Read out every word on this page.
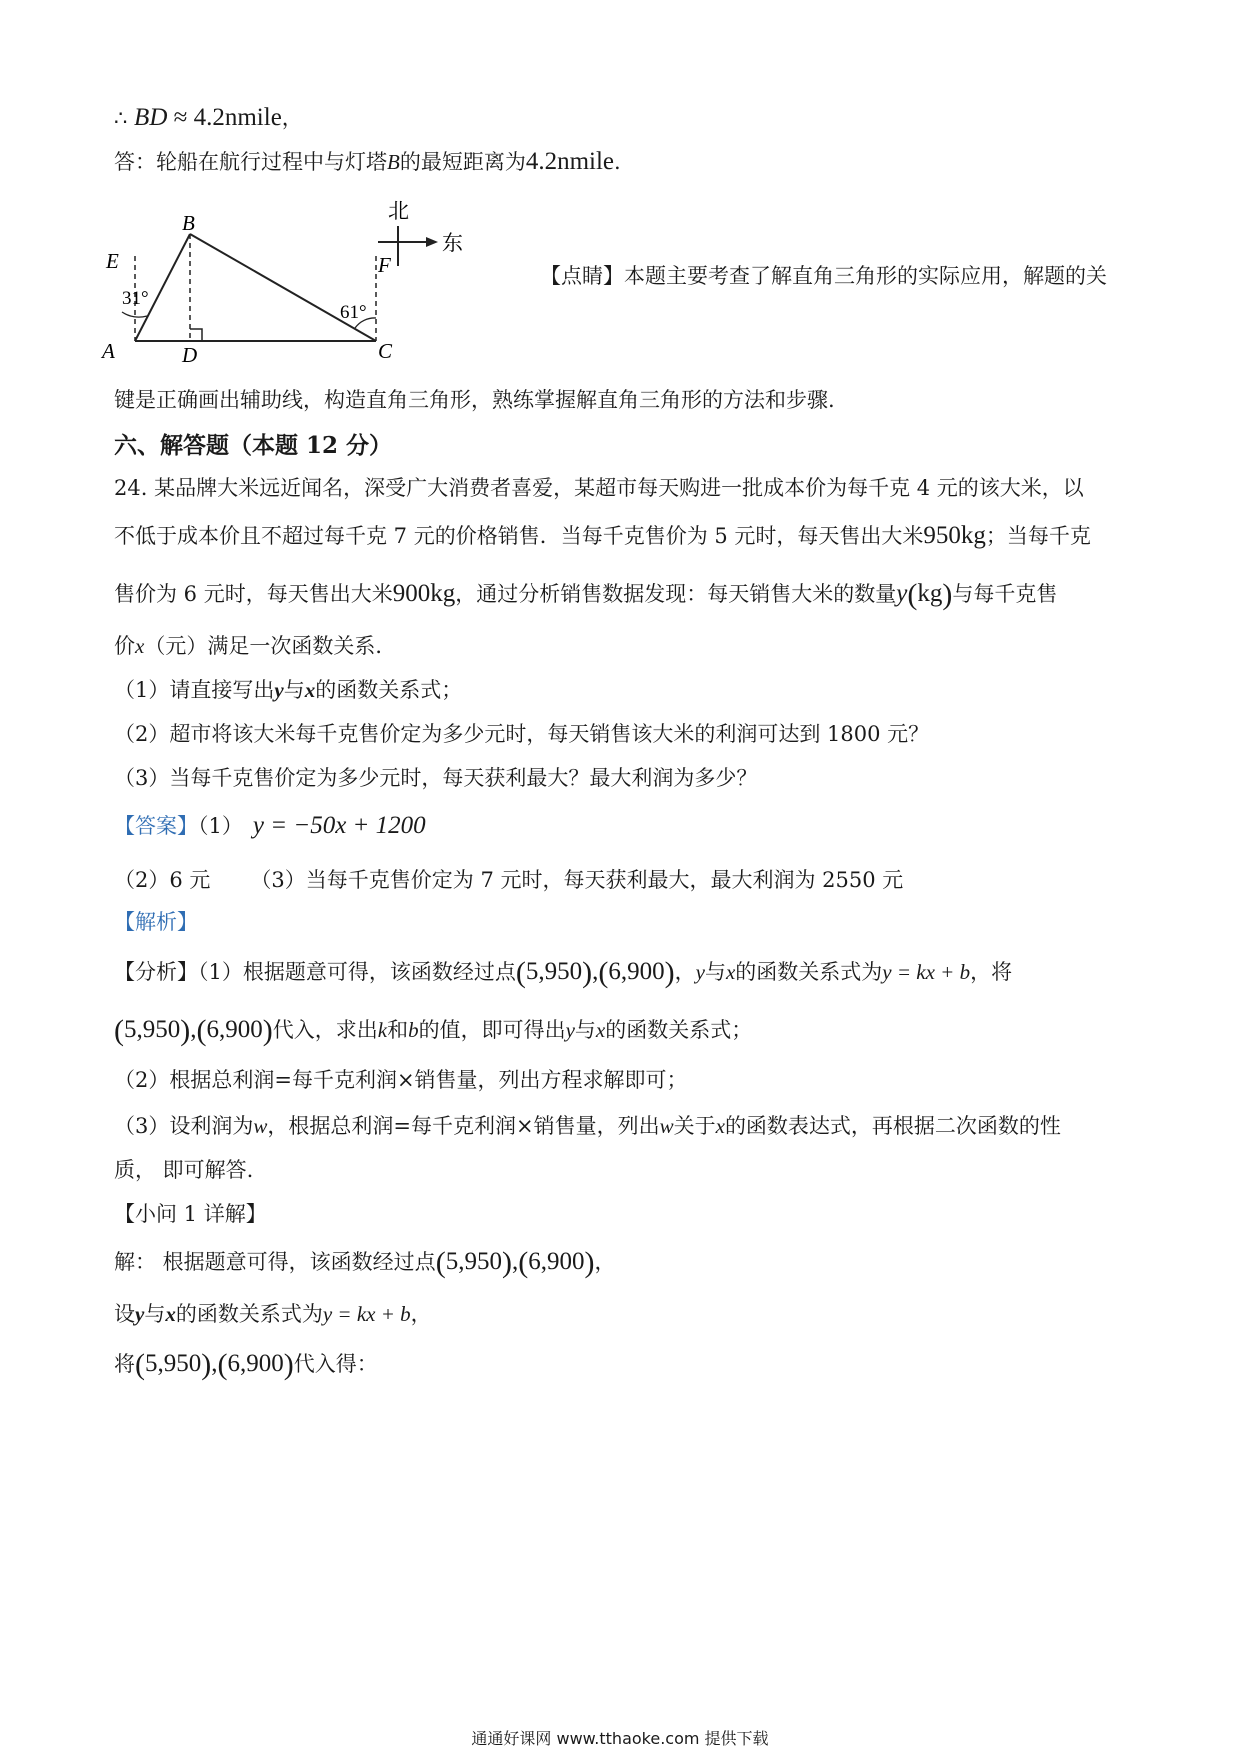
∴ BD ≈ 4.2nmile，
答：轮船在航行过程中与灯塔B的最短距离为4.2nmile.
E
B
F
A	D	C
31°
61°
北
东
【点睛】本题主要考查了解直角三角形的实际应用，解题的关
键是正确画出辅助线，构造直角三角形，熟练掌握解直角三角形的方法和步骤.
六、解答题（本题 12 分）
24. 某品牌大米远近闻名，深受广大消费者喜爱，某超市每天购进一批成本价为每千克 4 元的该大米，以
不低于成本价且不超过每千克 7 元的价格销售．当每千克售价为 5 元时，每天售出大米950kg；当每千克
售价为 6 元时，每天售出大米900kg，通过分析销售数据发现：每天销售大米的数量y(kg)与每千克售
价x（元）满足一次函数关系．
（1）请直接写出y与x的函数关系式；
（2）超市将该大米每千克售价定为多少元时，每天销售该大米的利润可达到 1800 元？
（3）当每千克售价定为多少元时，每天获利最大？最大利润为多少？
【答案】（1） y = −50x + 1200
（2）6 元 （3）当每千克售价定为 7 元时，每天获利最大，最大利润为 2550 元
【解析】
【分析】（1）根据题意可得，该函数经过点(5,950),(6,900)，y与x的函数关系式为y = kx + b，将
(5,950),(6,900)代入，求出k和b的值，即可得出y与x的函数关系式；
（2）根据总利润=每千克利润×销售量，列出方程求解即可；
（3）设利润为w，根据总利润=每千克利润×销售量，列出w关于x的函数表达式，再根据二次函数的性
质， 即可解答.
【小问 1 详解】
解： 根据题意可得，该函数经过点(5,950),(6,900)，
设y与x的函数关系式为y = kx + b，
将(5,950),(6,900)代入得：
通通好课网 www.tthaoke.com 提供下载
